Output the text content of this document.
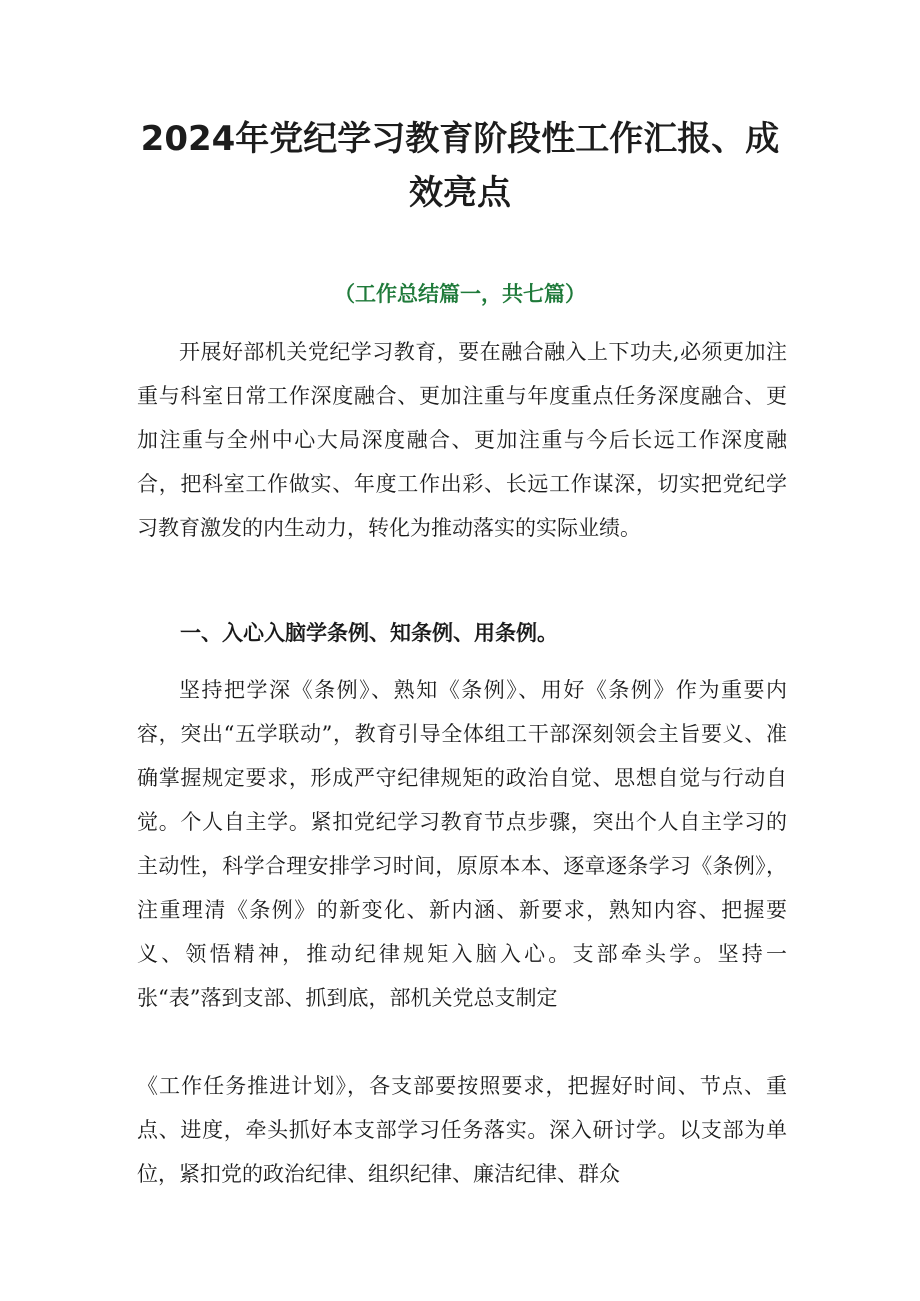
2024年党纪学习教育阶段性工作汇报、成效亮点

（工作总结篇一，共七篇）

开展好部机关党纪学习教育，要在融合融入上下功夫,必须更加注重与科室日常工作深度融合、更加注重与年度重点任务深度融合、更加注重与全州中心大局深度融合、更加注重与今后长远工作深度融合，把科室工作做实、年度工作出彩、长远工作谋深，切实把党纪学习教育激发的内生动力，转化为推动落实的实际业绩。

一、入心入脑学条例、知条例、用条例。

坚持把学深《条例》、熟知《条例》、用好《条例》作为重要内容，突出“五学联动”，教育引导全体组工干部深刻领会主旨要义、准确掌握规定要求，形成严守纪律规矩的政治自觉、思想自觉与行动自觉。个人自主学。紧扣党纪学习教育节点步骤，突出个人自主学习的主动性，科学合理安排学习时间，原原本本、逐章逐条学习《条例》，注重理清《条例》的新变化、新内涵、新要求，熟知内容、把握要义、领悟精神，推动纪律规矩入脑入心。支部牵头学。坚持一张“表”落到支部、抓到底，部机关党总支制定

《工作任务推进计划》，各支部要按照要求，把握好时间、节点、重点、进度，牵头抓好本支部学习任务落实。深入研讨学。以支部为单位，紧扣党的政治纪律、组织纪律、廉洁纪律、群众
